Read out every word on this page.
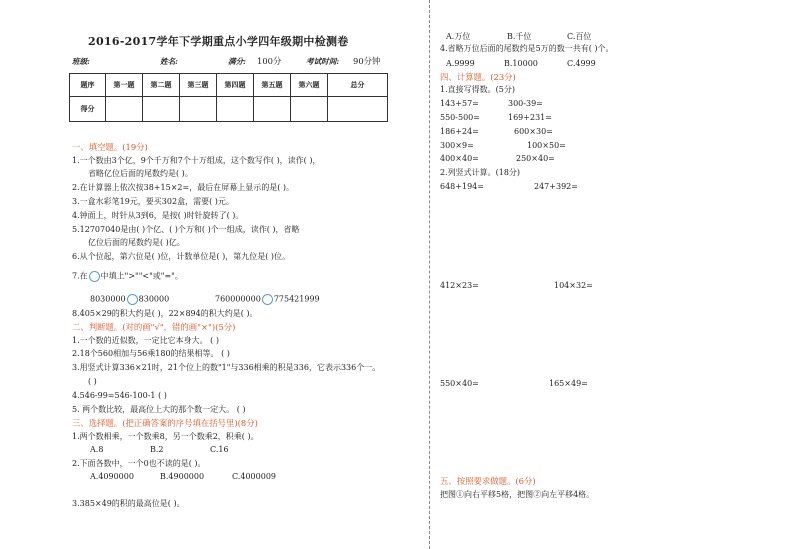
2016-2017学年下学期重点小学四年级期中检测卷
班级:	姓名:	满分: 100分	考试时间: 90分钟
题序	第一题	第二题	第三题	第四题	第五题	第六题	总分
得分							
一、填空题。(19分)
1.一个数由3个亿，9个千万和7个十万组成，这个数写作( )，读作( )，
省略亿位后面的尾数约是( )。
2.在计算器上依次按38+15×2=，最后在屏幕上显示的是( )。
3.一盒水彩笔19元，要买302盒，需要( )元。
4.钟面上，时针从3到6，是按( )时针旋转了( )。
5.12707040是由( )个亿、( )个万和( )个一组成，读作( )，省略
亿位后面的尾数约是( )亿。
6.从个位起，第六位是( )位，计数单位是( )，第九位是( )位。
7.在 中填上">""<"或"="。
8030000 830000	760000000 775421999
8.405×29的积大约是( )，22×894的积大约是( )。
二、判断题。(对的画"√"，错的画"×")(5分)
1.一个数的近似数，一定比它本身大。 ( )
2.18个560相加与56乘180的结果相等。 ( )
3.用竖式计算336×21时，21个位上的数"1"与336相乘的积是336，它表示336个一。
( )
4.546-99=546-100-1 ( )
5. 两个数比较，最高位上大的那个数一定大。 ( )
三、选择题。(把正确答案的序号填在括号里)(8分)
1.两个数相乘，一个数乘8，另一个数乘2，积乘( )。
A.8	B.2	C.16
2.下面各数中，一个0也不读的是( )。
A.4090000	B.4900000	C.4000009
3.385×49的积的最高位是( )。
A.万位	B.千位	C.百位
4.省略万位后面的尾数约是5万的数一共有( )个。
A.9999	B.10000	C.4999
四、计算题。(23分)
1.直接写得数。(5分)
143+57=	300-39=
550-500=	169+231=
186+24=	600×30=
300×9=	100×50=
400×40=	250×40=
2.列竖式计算。(18分)
648+194=	247+392=
412×23=	104×32=
550×40=	165×49=
五、按照要求做题。(6分)
把图①向右平移5格，把图②向左平移4格。
